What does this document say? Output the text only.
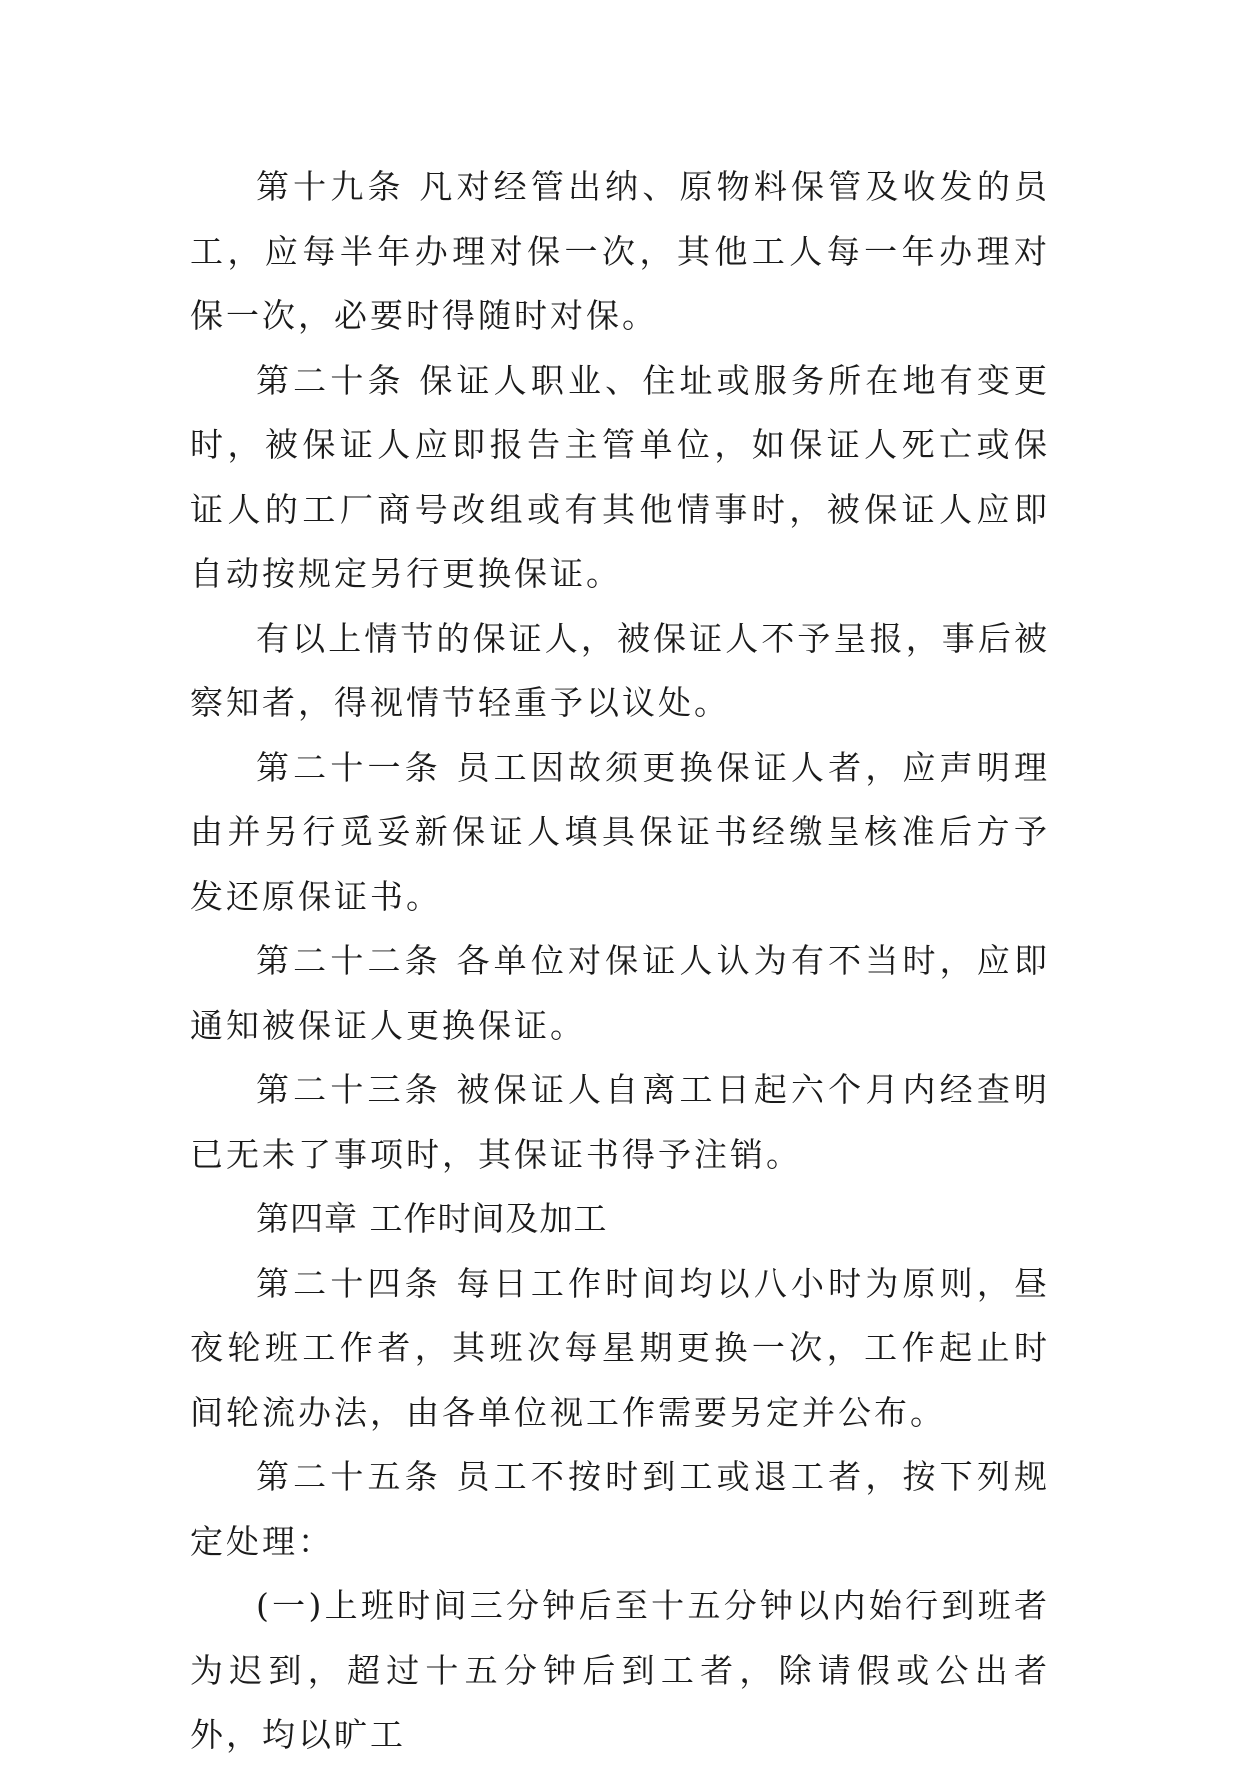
第十九条 凡对经管出纳、原物料保管及收发的员工，应每半年办理对保一次，其他工人每一年办理对保一次，必要时得随时对保。

第二十条 保证人职业、住址或服务所在地有变更时，被保证人应即报告主管单位，如保证人死亡或保证人的工厂商号改组或有其他情事时，被保证人应即自动按规定另行更换保证。

有以上情节的保证人，被保证人不予呈报，事后被察知者，得视情节轻重予以议处。

第二十一条 员工因故须更换保证人者，应声明理由并另行觅妥新保证人填具保证书经缴呈核准后方予发还原保证书。

第二十二条 各单位对保证人认为有不当时，应即通知被保证人更换保证。

第二十三条 被保证人自离工日起六个月内经查明已无未了事项时，其保证书得予注销。

第四章 工作时间及加工

第二十四条 每日工作时间均以八小时为原则，昼夜轮班工作者，其班次每星期更换一次，工作起止时间轮流办法，由各单位视工作需要另定并公布。

第二十五条 员工不按时到工或退工者，按下列规定处理：

(一)上班时间三分钟后至十五分钟以内始行到班者为迟到，超过十五分钟后到工者，除请假或公出者外，均以旷工
